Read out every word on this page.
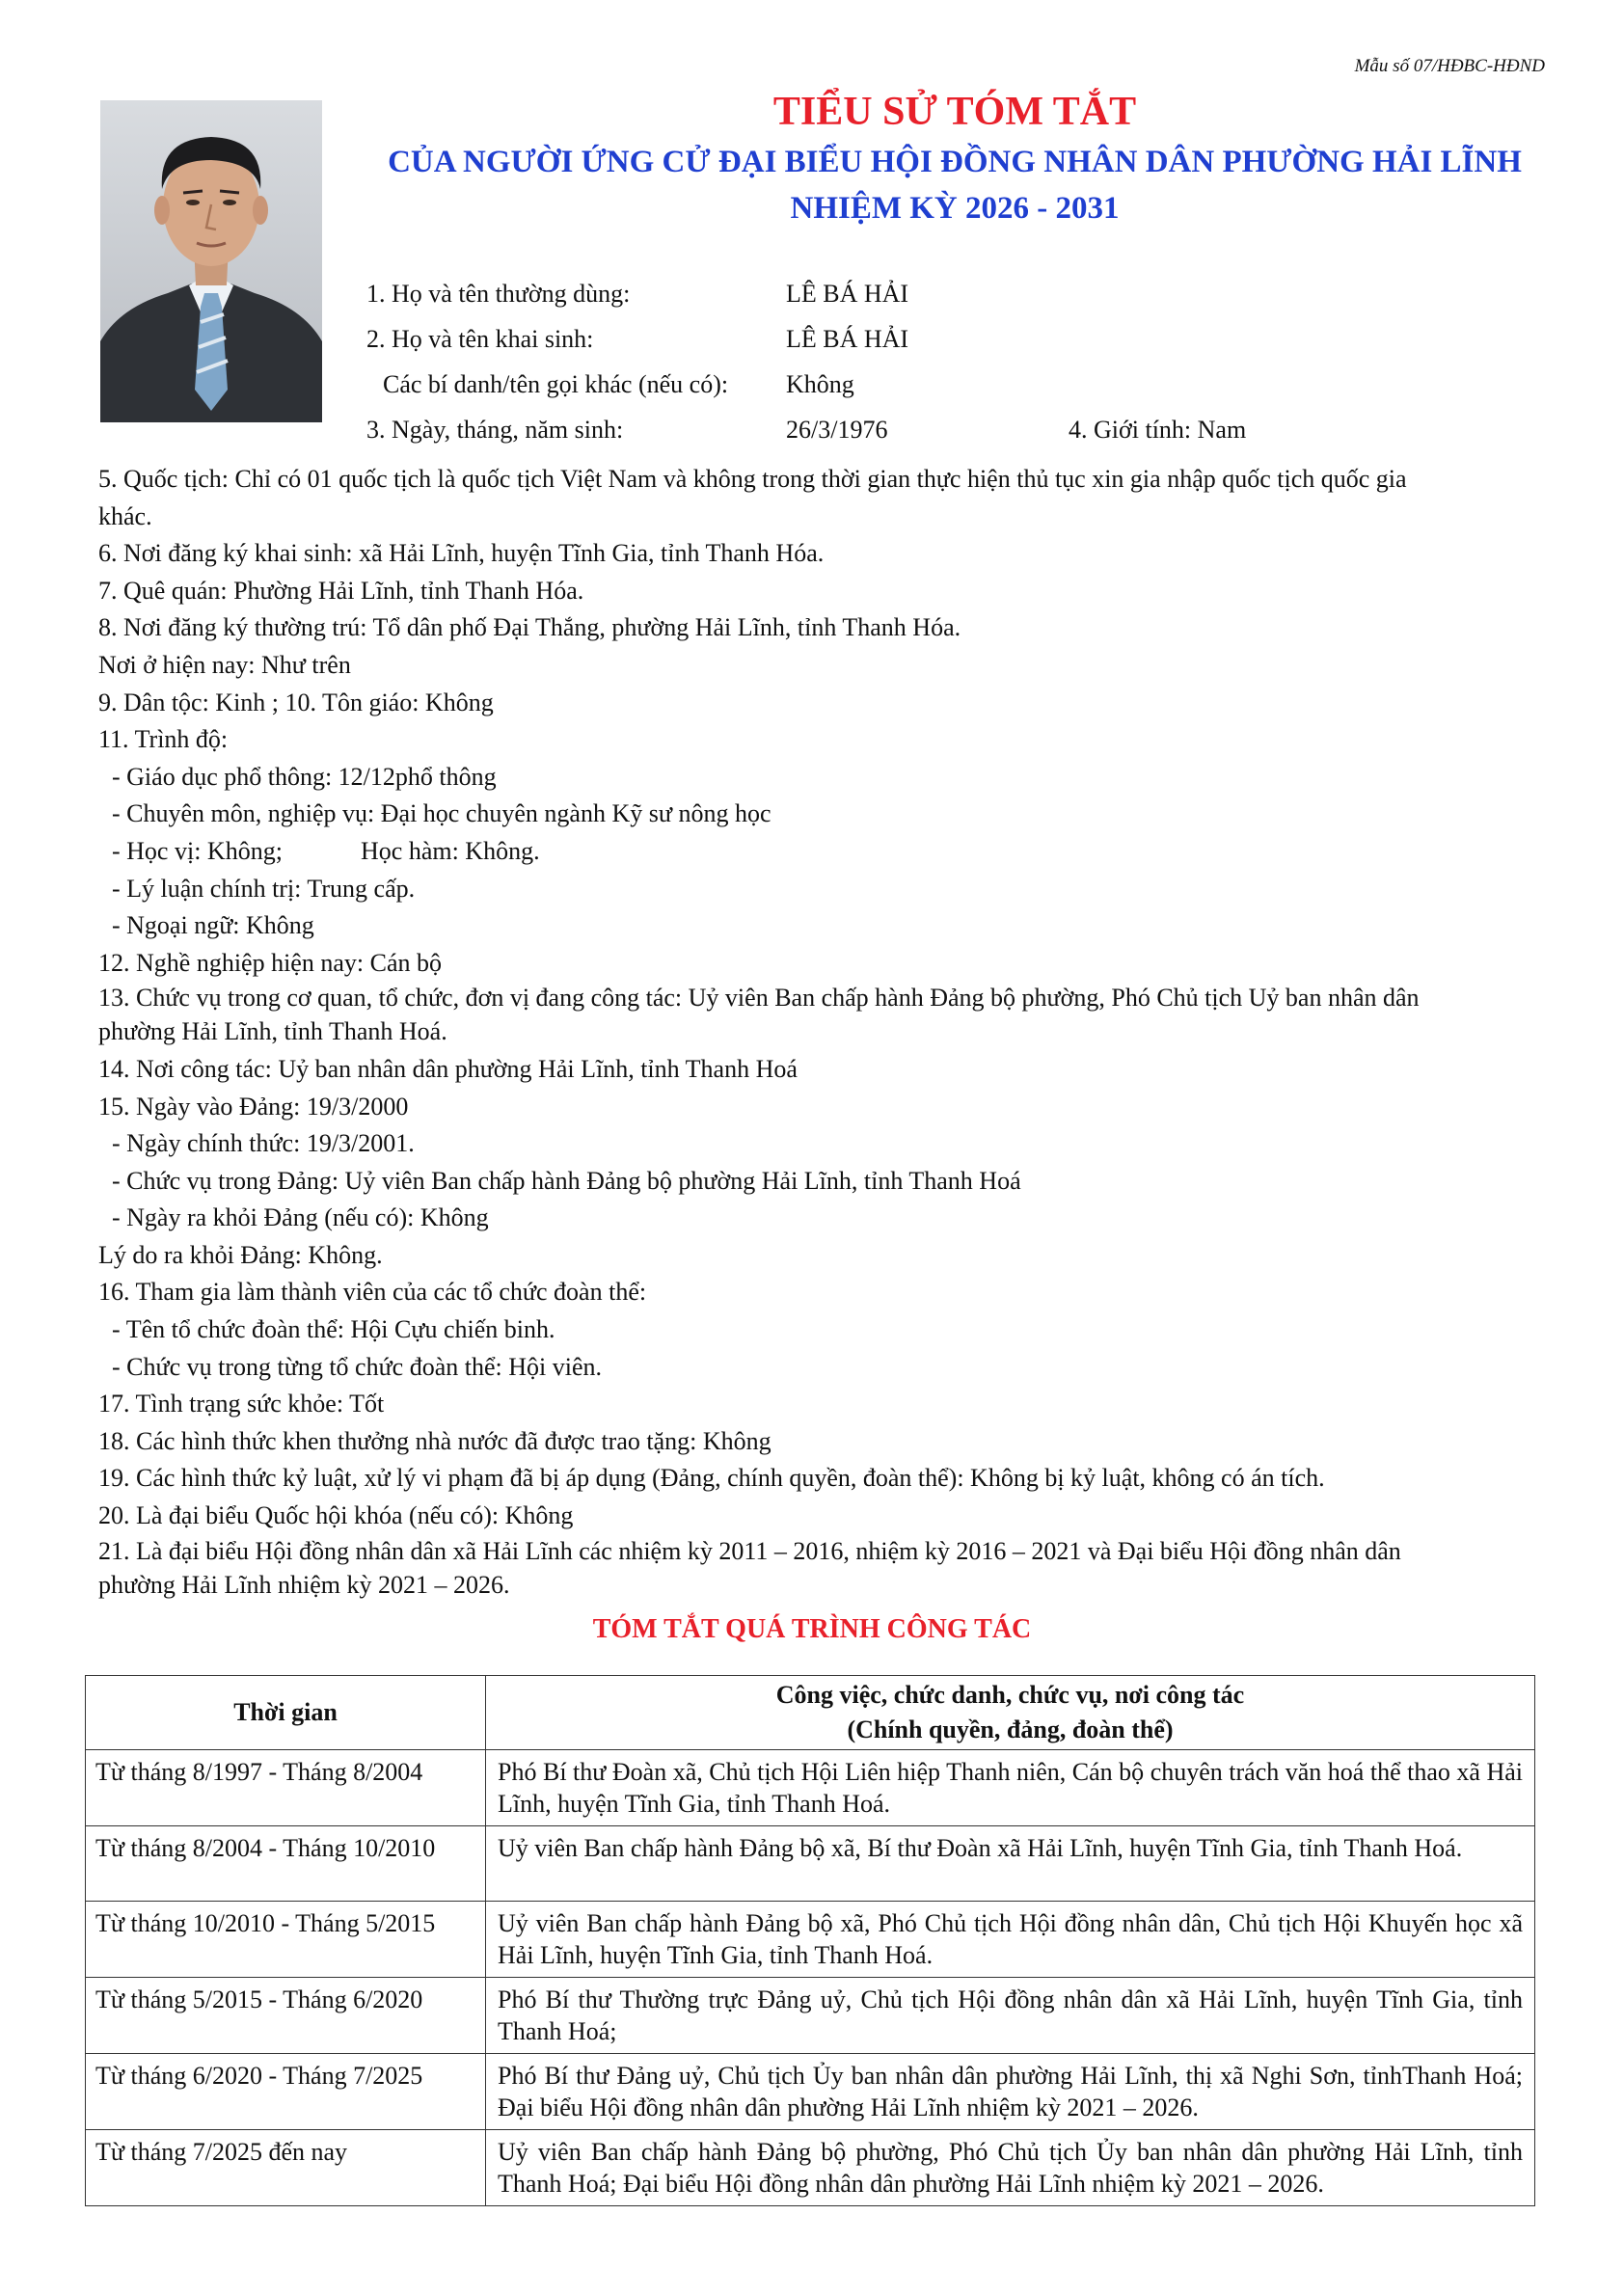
Mẫu số 07/HĐBC-HĐND
TIỂU SỬ TÓM TẮT
CỦA NGƯỜI ỨNG CỬ ĐẠI BIỂU HỘI ĐỒNG NHÂN DÂN PHƯỜNG HẢI LĨNH
NHIỆM KỲ 2026 - 2031
1. Họ và tên thường dùng:	LÊ BÁ HẢI
2. Họ và tên khai sinh:	LÊ BÁ HẢI
Các bí danh/tên gọi khác (nếu có): Không
3. Ngày, tháng, năm sinh:	26/3/1976	4. Giới tính: Nam
5. Quốc tịch: Chỉ có 01 quốc tịch là quốc tịch Việt Nam và không trong thời gian thực hiện thủ tục xin gia nhập quốc tịch quốc gia
khác.
6. Nơi đăng ký khai sinh: xã Hải Lĩnh, huyện Tĩnh Gia, tỉnh Thanh Hóa.
7. Quê quán: Phường Hải Lĩnh, tỉnh Thanh Hóa.
8. Nơi đăng ký thường trú: Tổ dân phố Đại Thắng, phường Hải Lĩnh, tỉnh Thanh Hóa.
Nơi ở hiện nay: Như trên
9. Dân tộc: Kinh ; 10. Tôn giáo: Không
11. Trình độ:
- Giáo dục phổ thông: 12/12phổ thông
- Chuyên môn, nghiệp vụ: Đại học chuyên ngành Kỹ sư nông học
- Học vị: Không;	Học hàm: Không.
- Lý luận chính trị: Trung cấp.
- Ngoại ngữ: Không
12. Nghề nghiệp hiện nay: Cán bộ
13. Chức vụ trong cơ quan, tổ chức, đơn vị đang công tác: Uỷ viên Ban chấp hành Đảng bộ phường, Phó Chủ tịch Uỷ ban nhân dân
phường Hải Lĩnh, tỉnh Thanh Hoá.
14. Nơi công tác: Uỷ ban nhân dân phường Hải Lĩnh, tỉnh Thanh Hoá
15. Ngày vào Đảng: 19/3/2000
- Ngày chính thức: 19/3/2001.
- Chức vụ trong Đảng: Uỷ viên Ban chấp hành Đảng bộ phường Hải Lĩnh, tỉnh Thanh Hoá
- Ngày ra khỏi Đảng (nếu có): Không
Lý do ra khỏi Đảng: Không.
16. Tham gia làm thành viên của các tổ chức đoàn thể:
- Tên tổ chức đoàn thể: Hội Cựu chiến binh.
- Chức vụ trong từng tổ chức đoàn thể: Hội viên.
17. Tình trạng sức khỏe: Tốt
18. Các hình thức khen thưởng nhà nước đã được trao tặng: Không
19. Các hình thức kỷ luật, xử lý vi phạm đã bị áp dụng (Đảng, chính quyền, đoàn thể): Không bị kỷ luật, không có án tích.
20. Là đại biểu Quốc hội khóa (nếu có): Không
21. Là đại biểu Hội đồng nhân dân xã Hải Lĩnh các nhiệm kỳ 2011 – 2016, nhiệm kỳ 2016 – 2021 và Đại biểu Hội đồng nhân dân
phường Hải Lĩnh nhiệm kỳ 2021 – 2026.
TÓM TẮT QUÁ TRÌNH CÔNG TÁC
Thời gian	Công việc, chức danh, chức vụ, nơi công tác
(Chính quyền, đảng, đoàn thể)

Từ tháng 8/1997 - Tháng 8/2004	Phó Bí thư Đoàn xã, Chủ tịch Hội Liên hiệp Thanh niên, Cán bộ chuyên trách văn hoá thể thao xã Hải Lĩnh, huyện Tĩnh Gia, tỉnh Thanh Hoá.
Từ tháng 8/2004 - Tháng 10/2010	Uỷ viên Ban chấp hành Đảng bộ xã, Bí thư Đoàn xã Hải Lĩnh, huyện Tĩnh Gia, tỉnh Thanh Hoá.
Từ tháng 10/2010 - Tháng 5/2015	Uỷ viên Ban chấp hành Đảng bộ xã, Phó Chủ tịch Hội đồng nhân dân, Chủ tịch Hội Khuyến học xã Hải Lĩnh, huyện Tĩnh Gia, tỉnh Thanh Hoá.
Từ tháng 5/2015 - Tháng 6/2020	Phó Bí thư Thường trực Đảng uỷ, Chủ tịch Hội đồng nhân dân xã Hải Lĩnh, huyện Tĩnh Gia, tỉnh Thanh Hoá;
Từ tháng 6/2020 - Tháng 7/2025	Phó Bí thư Đảng uỷ, Chủ tịch Ủy ban nhân dân phường Hải Lĩnh, thị xã Nghi Sơn, tỉnhThanh Hoá; Đại biểu Hội đồng nhân dân phường Hải Lĩnh nhiệm kỳ 2021 – 2026.
Từ tháng 7/2025 đến nay	Uỷ viên Ban chấp hành Đảng bộ phường, Phó Chủ tịch Ủy ban nhân dân phường Hải Lĩnh, tỉnh Thanh Hoá; Đại biểu Hội đồng nhân dân phường Hải Lĩnh nhiệm kỳ 2021 – 2026.
